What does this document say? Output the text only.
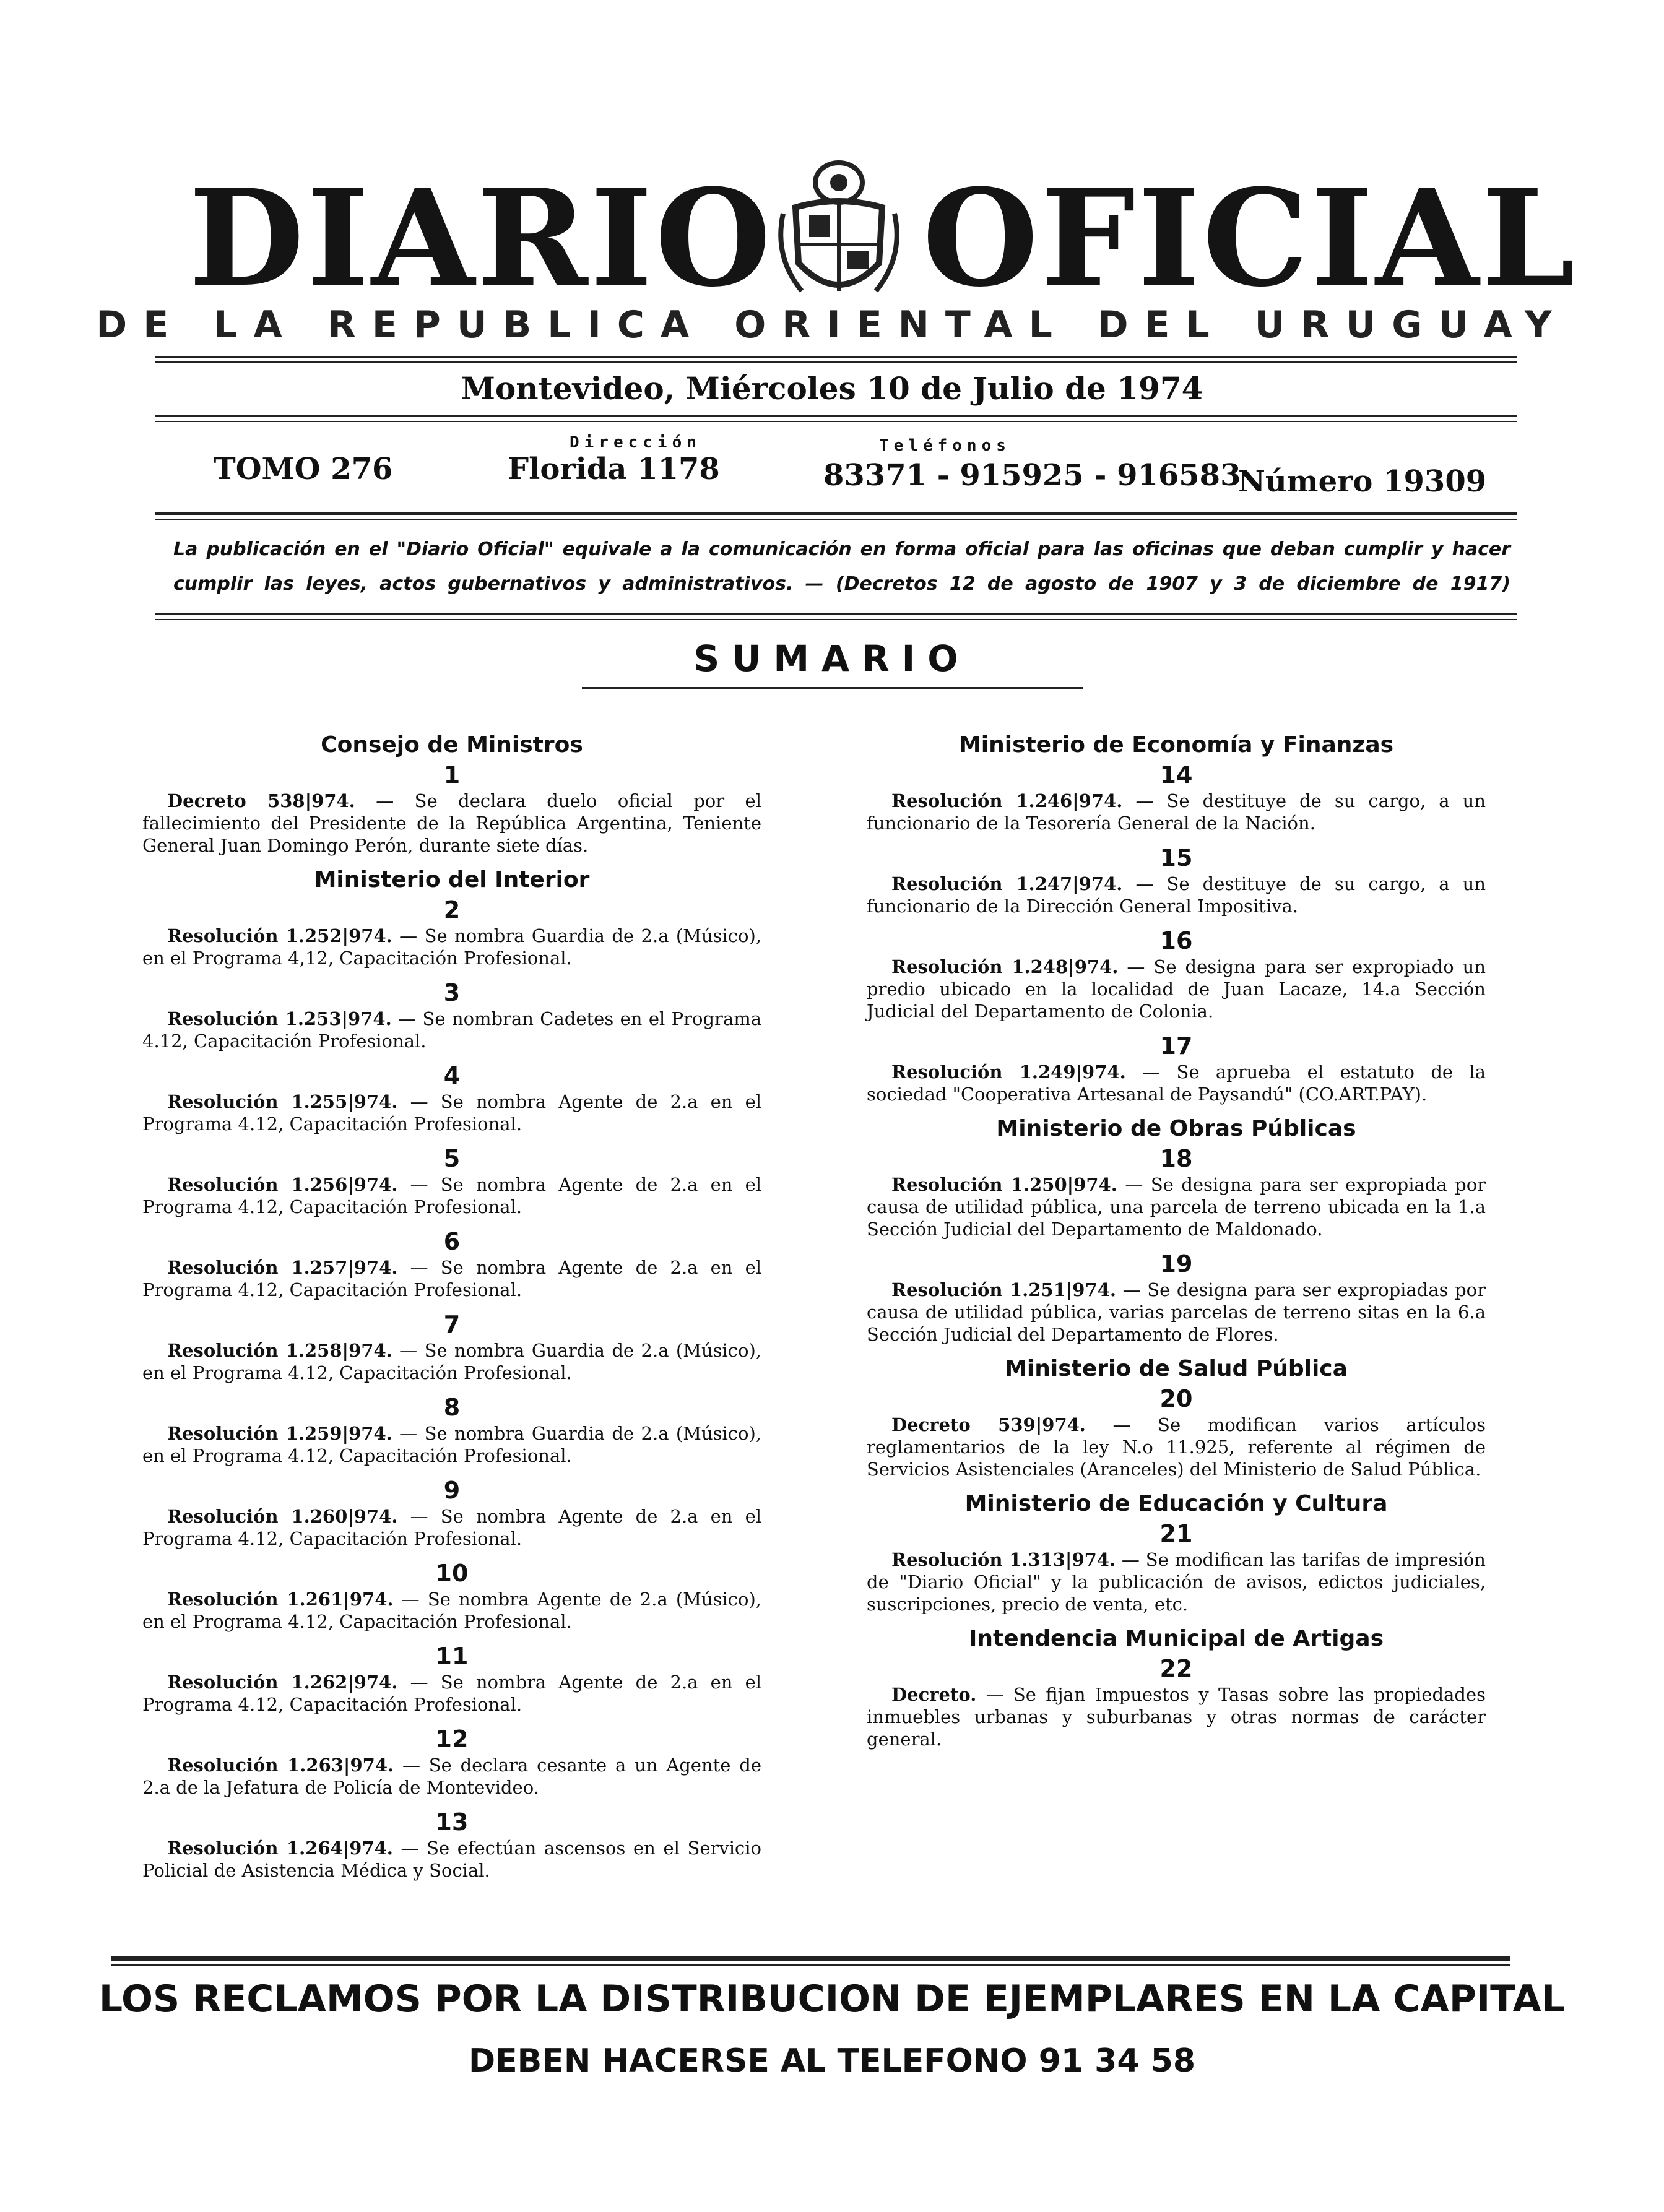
DIARIO OFICIAL
DE LA REPUBLICA ORIENTAL DEL URUGUAY
Montevideo, Miércoles 10 de Julio de 1974
TOMO 276
Dirección
Florida 1178
Teléfonos
83371 - 915925 - 916583
Número 19309
La publicación en el "Diario Oficial" equivale a la comunicación en forma oficial para las oficinas que deban cumplir y hacer cumplir las leyes, actos gubernativos y administrativos. — (Decretos 12 de agosto de 1907 y 3 de diciembre de 1917)
SUMARIO

Consejo de Ministros

1

Decreto 538|974. — Se declara duelo oficial por el fallecimiento del Presidente de la República Argentina, Teniente General Juan Domingo Perón, durante siete días.

Ministerio del Interior

2

Resolución 1.252|974. — Se nombra Guardia de 2.a (Músico), en el Programa 4,12, Capacitación Profesional.

3

Resolución 1.253|974. — Se nombran Cadetes en el Programa 4.12, Capacitación Profesional.

4

Resolución 1.255|974. — Se nombra Agente de 2.a en el Programa 4.12, Capacitación Profesional.

5

Resolución 1.256|974. — Se nombra Agente de 2.a en el Programa 4.12, Capacitación Profesional.

6

Resolución 1.257|974. — Se nombra Agente de 2.a en el Programa 4.12, Capacitación Profesional.

7

Resolución 1.258|974. — Se nombra Guardia de 2.a (Músico), en el Programa 4.12, Capacitación Profesional.

8

Resolución 1.259|974. — Se nombra Guardia de 2.a (Músico), en el Programa 4.12, Capacitación Profesional.

9

Resolución 1.260|974. — Se nombra Agente de 2.a en el Programa 4.12, Capacitación Profesional.

10

Resolución 1.261|974. — Se nombra Agente de 2.a (Músico), en el Programa 4.12, Capacitación Profesional.

11

Resolución 1.262|974. — Se nombra Agente de 2.a en el Programa 4.12, Capacitación Profesional.

12

Resolución 1.263|974. — Se declara cesante a un Agente de 2.a de la Jefatura de Policía de Montevideo.

13

Resolución 1.264|974. — Se efectúan ascensos en el Servicio Policial de Asistencia Médica y Social.

Ministerio de Economía y Finanzas

14

Resolución 1.246|974. — Se destituye de su cargo, a un funcionario de la Tesorería General de la Nación.

15

Resolución 1.247|974. — Se destituye de su cargo, a un funcionario de la Dirección General Impositiva.

16

Resolución 1.248|974. — Se designa para ser expropiado un predio ubicado en la localidad de Juan Lacaze, 14.a Sección Judicial del Departamento de Colonia.

17

Resolución 1.249|974. — Se aprueba el estatuto de la sociedad "Cooperativa Artesanal de Paysandú" (CO.ART.PAY).

Ministerio de Obras Públicas

18

Resolución 1.250|974. — Se designa para ser expropiada por causa de utilidad pública, una parcela de terreno ubicada en la 1.a Sección Judicial del Departamento de Maldonado.

19

Resolución 1.251|974. — Se designa para ser expropiadas por causa de utilidad pública, varias parcelas de terreno sitas en la 6.a Sección Judicial del Departamento de Flores.

Ministerio de Salud Pública

20

Decreto 539|974. — Se modifican varios artículos reglamentarios de la ley N.o 11.925, referente al régimen de Servicios Asistenciales (Aranceles) del Ministerio de Salud Pública.

Ministerio de Educación y Cultura

21

Resolución 1.313|974. — Se modifican las tarifas de impresión de "Diario Oficial" y la publicación de avisos, edictos judiciales, suscripciones, precio de venta, etc.

Intendencia Municipal de Artigas

22

Decreto. — Se fijan Impuestos y Tasas sobre las propiedades inmuebles urbanas y suburbanas y otras normas de carácter general.

LOS RECLAMOS POR LA DISTRIBUCION DE EJEMPLARES EN LA CAPITAL
DEBEN HACERSE AL TELEFONO 91 34 58
